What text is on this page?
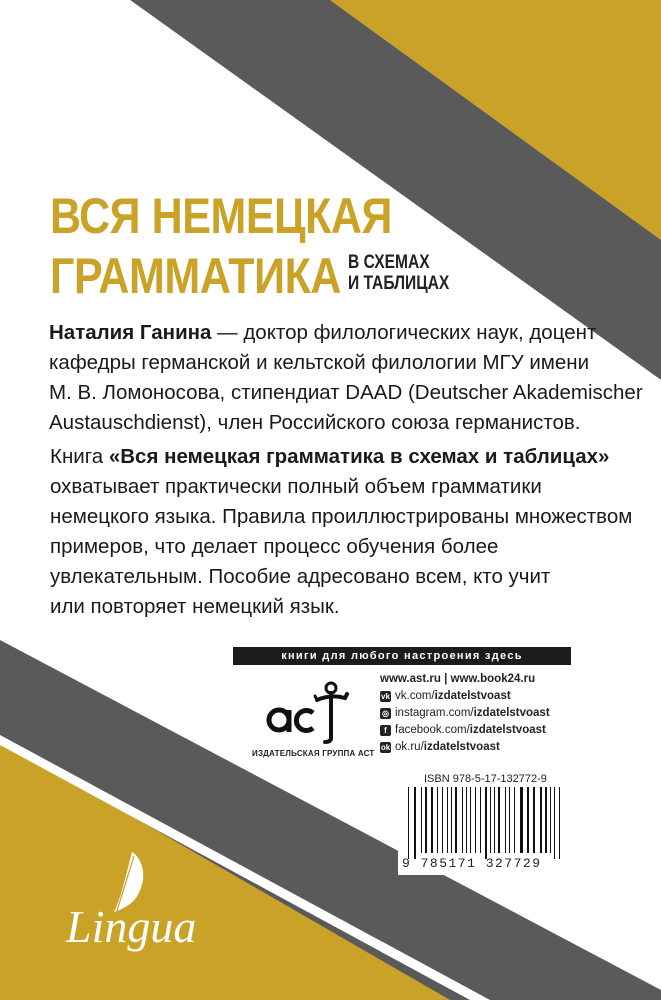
ВСЯ НЕМЕЦКАЯ
ГРАММАТИКА В СХЕМАХ
И ТАБЛИЦАХ
Наталия Ганина — доктор филологических наук, доцент
кафедры германской и кельтской филологии МГУ имени
М. В. Ломоносова, стипендиат DAAD (Deutscher Akademischer
Austauschdienst), член Российского союза германистов.
Книга «Вся немецкая грамматика в схемах и таблицах»
охватывает практически полный объем грамматики
немецкого языка. Правила проиллюстрированы множеством
примеров, что делает процесс обучения более
увлекательным. Пособие адресовано всем, кто учит
или повторяет немецкий язык.
книги для любого настроения здесь
ИЗДАТЕЛЬСКАЯ ГРУППА АСТ
www.ast.ru | www.book24.ru
vk vk.com/ izdatelstvoast
◎ instagram.com/ izdatelstvoast
f facebook.com/ izdatelstvoast
ok ok.ru/ izdatelstvoast
ISBN 978-5-17-132772-9
9 785171 327729
Lingua
